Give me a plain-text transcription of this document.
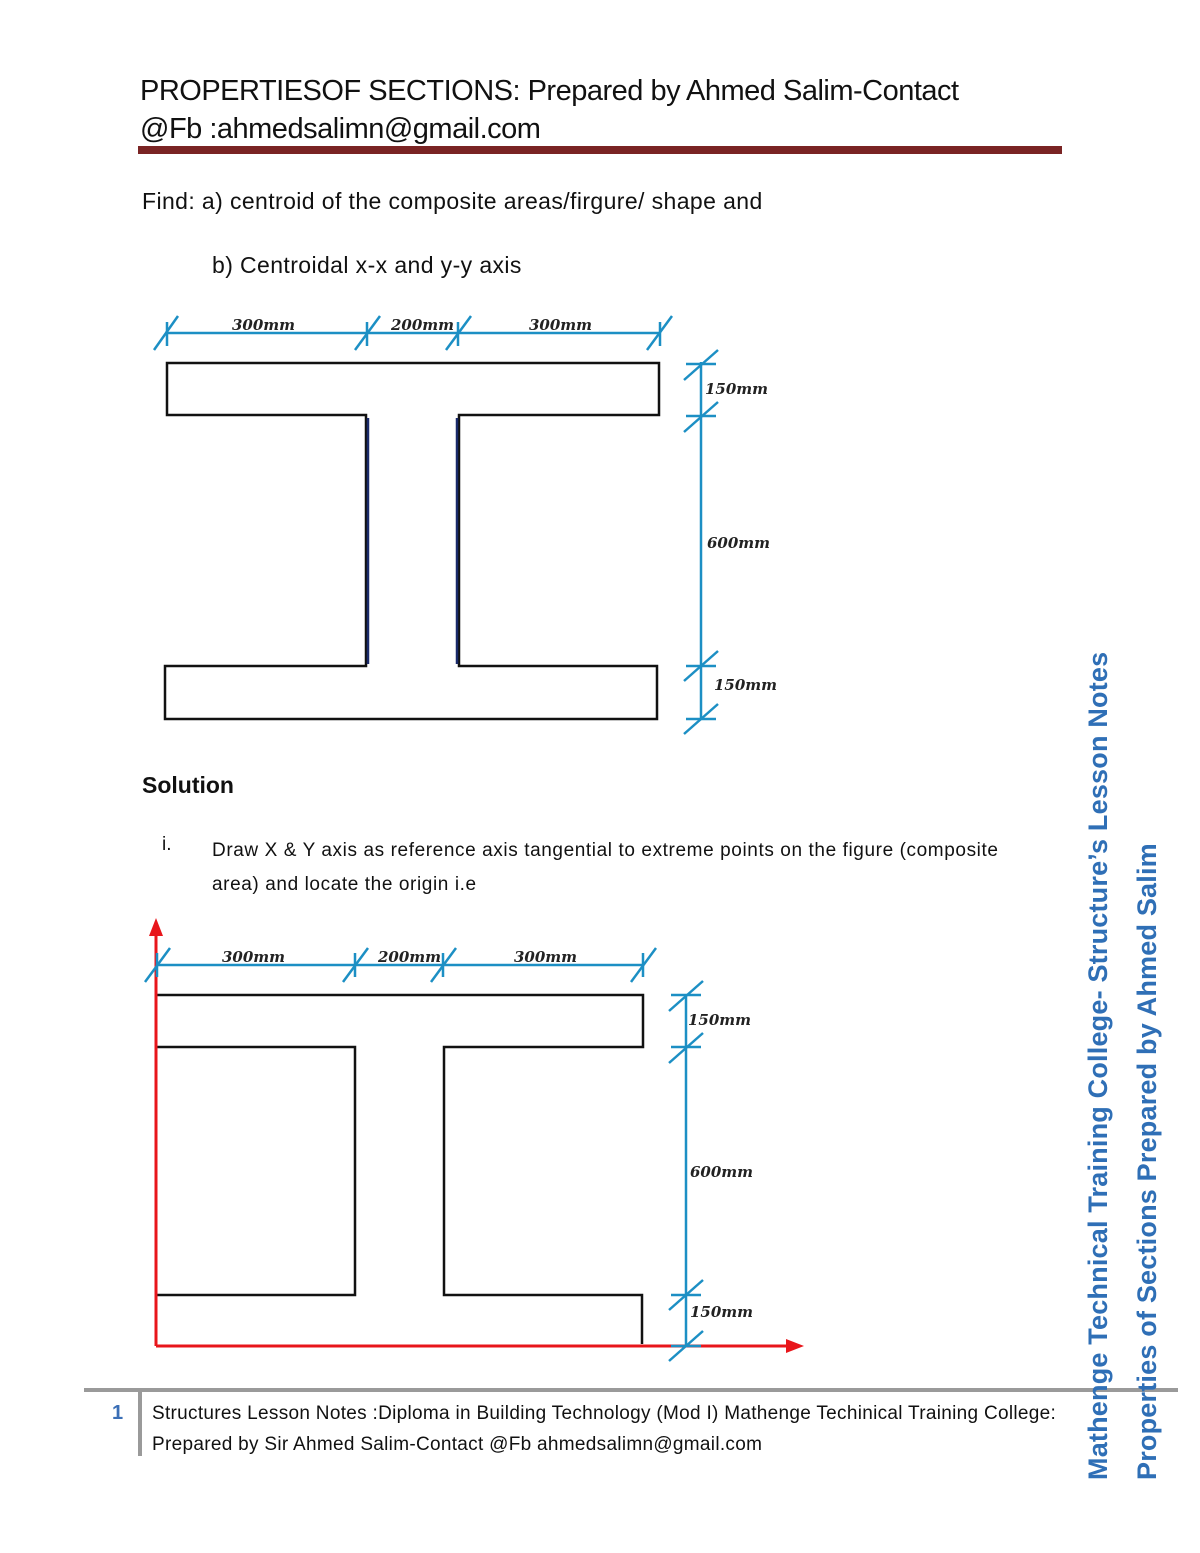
PROPERTIESOF SECTIONS: Prepared by Ahmed Salim-Contact
@Fb :ahmedsalimn@gmail.com
Find: a) centroid of the composite areas/firgure/ shape and
b) Centroidal x-x and y-y axis
300mm	200mm	300mm
150mm
600mm
150mm
300mm	200mm	300mm
150mm
600mm
150mm
Solution
i. Draw X & Y axis as reference axis tangential to extreme points on the figure (composite area) and locate the origin i.e
1 Structures Lesson Notes :Diploma in Building Technology (Mod I) Mathenge Techinical Training College: Prepared by Sir Ahmed Salim-Contact @Fb ahmedsalimn@gmail.com	Mathenge Technical Training College- Structure’s Lesson Notes Properties of Sections Prepared by Ahmed Salim
